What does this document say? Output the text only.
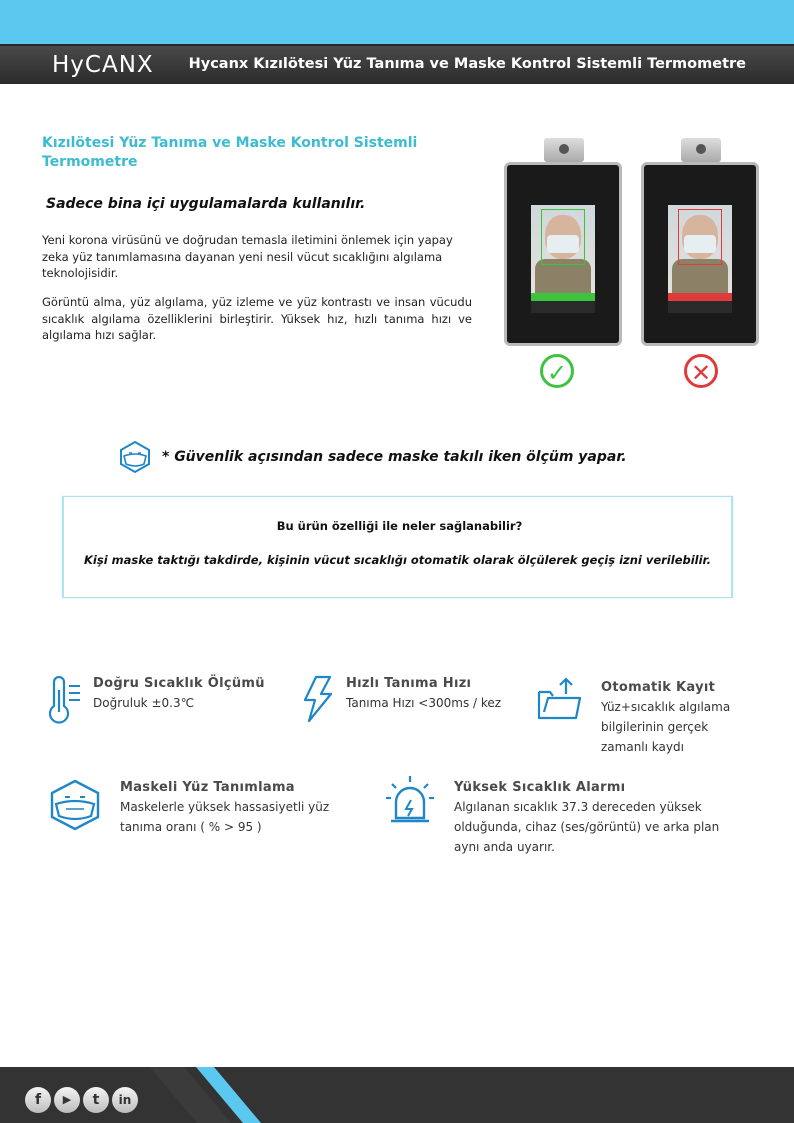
HyCANX Hycanx Kızılötesi Yüz Tanıma ve Maske Kontrol Sistemli Termometre
Kızılötesi Yüz Tanıma ve Maske Kontrol Sistemli Termometre
Sadece bina içi uygulamalarda kullanılır.
Yeni korona virüsünü ve doğrudan temasla iletimini önlemek için yapay zeka yüz tanımlamasına dayanan yeni nesil vücut sıcaklığını algılama teknolojisidir.
Görüntü alma, yüz algılama, yüz izleme ve yüz kontrastı ve insan vücudu sıcaklık algılama özelliklerini birleştirir. Yüksek hız, hızlı tanıma hızı ve algılama hızı sağlar.
✓	✕
* Güvenlik açısından sadece maske takılı iken ölçüm yapar.
Bu ürün özelliği ile neler sağlanabilir?
Kişi maske taktığı takdirde, kişinin vücut sıcaklığı otomatik olarak ölçülerek geçiş izni verilebilir.
Doğru Sıcaklık Ölçümü
Doğruluk ±0.3℃
Hızlı Tanıma Hızı
Tanıma Hızı <300ms / kez
Otomatik Kayıt
Yüz+sıcaklık algılama bilgilerinin gerçek zamanlı kaydı
Maskeli Yüz Tanımlama
Maskelerle yüksek hassasiyetli yüz tanıma oranı ( % > 95 )
Yüksek Sıcaklık Alarmı
Algılanan sıcaklık 37.3 dereceden yüksek olduğunda, cihaz (ses/görüntü) ve arka plan aynı anda uyarır.
f	▶	t	in
